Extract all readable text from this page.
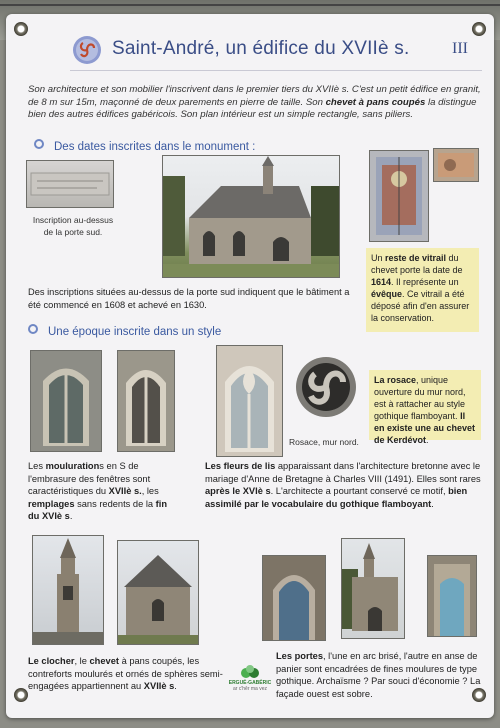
Saint-André, un édifice du XVIIè s.	III
Son architecture et son mobilier l'inscrivent dans le premier tiers du XVIIè s. C'est un petit édifice en granit, de 8 m sur 15m, maçonné de deux parements en pierre de taille. Son chevet à pans coupés la distingue bien des autres édifices gabéricois. Son plan intérieur est un simple rectangle, sans piliers.
Des dates inscrites dans le monument :
Inscription au-dessus de la porte sud.
Un reste de vitrail du chevet porte la date de 1614. Il représente un évêque. Ce vitrail a été déposé afin d'en assurer la conservation.
Des inscriptions situées au-dessus de la porte sud indiquent que le bâtiment a été commencé en 1608 et achevé en 1630.
Une époque inscrite dans un style
Rosace, mur nord.
La rosace, unique ouverture du mur nord, est à rattacher au style gothique flamboyant. Il en existe une au chevet de Kerdévot.
Les moulurations en S de l'embrasure des fenêtres sont caractéristiques du XVIIè s., les remplages sans redents de la fin du XVIè s.
Les fleurs de lis apparaissant dans l'architecture bretonne avec le mariage d'Anne de Bretagne à Charles VIII (1491). Elles sont rares après le XVIè s. L'architecte a pourtant conservé ce motif, bien assimilé par le vocabulaire du gothique flamboyant.
Le clocher, le chevet à pans coupés, les contreforts moulurés et ornés de sphères semi-engagées appartiennent au XVIIè s.
Les portes, l'une en arc brisé, l'autre en anse de panier sont encadrées de fines moulures de type gothique. Archaïsme ? Par souci d'économie ? La façade ouest est sobre.
ERGUÉ-GABÉRIC
ar c'hêr ma vez
